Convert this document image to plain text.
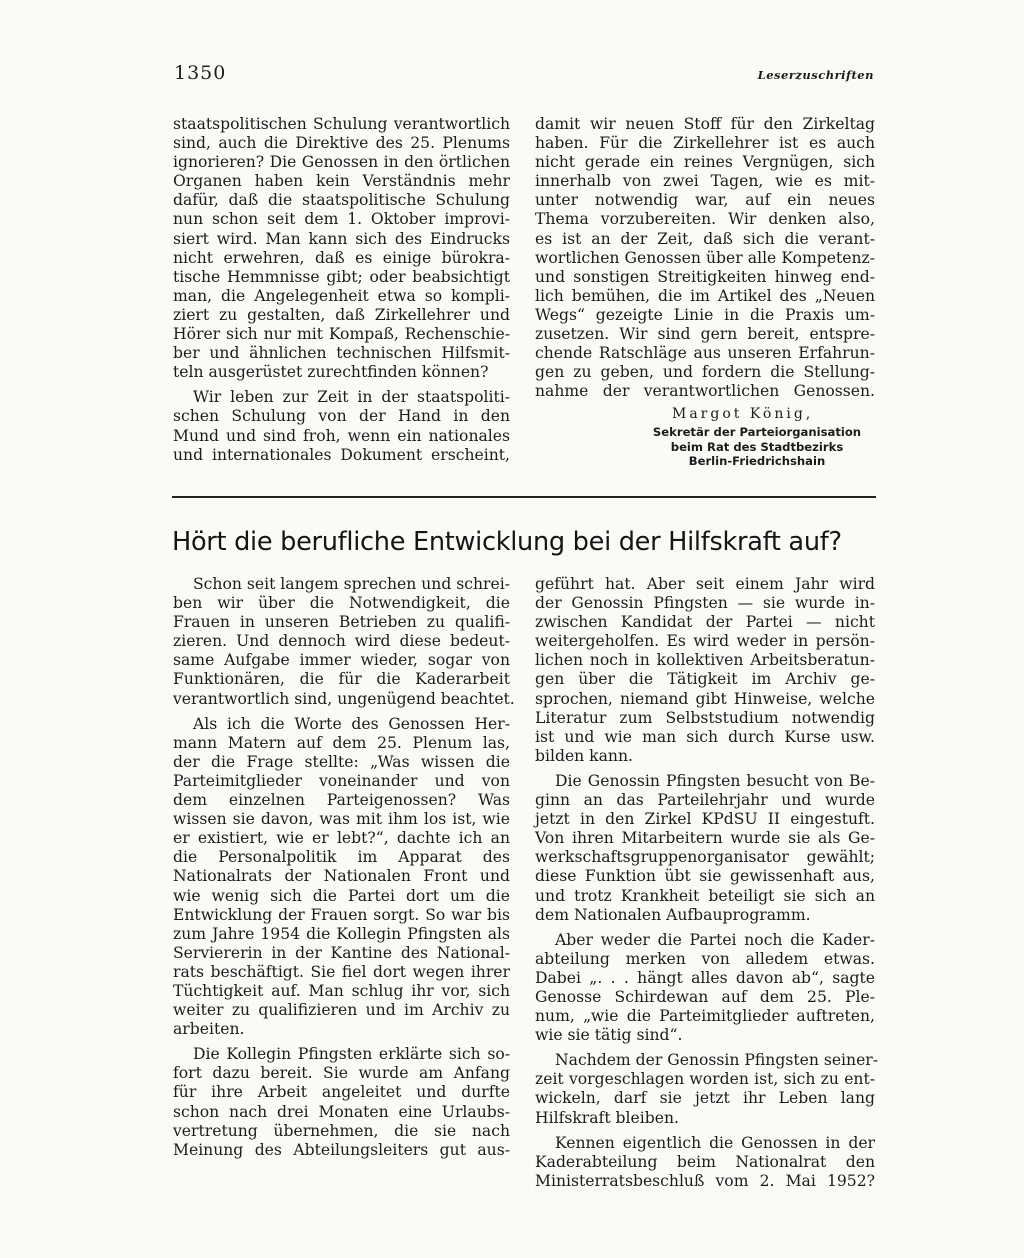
1350	Leserzuschriften
staatspolitischen Schulung verantwortlich
sind, auch die Direktive des 25. Plenums
ignorieren? Die Genossen in den örtlichen
Organen haben kein Verständnis mehr
dafür, daß die staatspolitische Schulung
nun schon seit dem 1. Oktober improvi-
siert wird. Man kann sich des Eindrucks
nicht erwehren, daß es einige bürokra-
tische Hemmnisse gibt; oder beabsichtigt
man, die Angelegenheit etwa so kompli-
ziert zu gestalten, daß Zirkellehrer und
Hörer sich nur mit Kompaß, Rechenschie-
ber und ähnlichen technischen Hilfsmit-
teln ausgerüstet zurechtfinden können?
Wir leben zur Zeit in der staatspoliti-
schen Schulung von der Hand in den
Mund und sind froh, wenn ein nationales
und internationales Dokument erscheint,
damit wir neuen Stoff für den Zirkeltag
haben. Für die Zirkellehrer ist es auch
nicht gerade ein reines Vergnügen, sich
innerhalb von zwei Tagen, wie es mit-
unter notwendig war, auf ein neues
Thema vorzubereiten. Wir denken also,
es ist an der Zeit, daß sich die verant-
wortlichen Genossen über alle Kompetenz-
und sonstigen Streitigkeiten hinweg end-
lich bemühen, die im Artikel des „Neuen
Wegs“ gezeigte Linie in die Praxis um-
zusetzen. Wir sind gern bereit, entspre-
chende Ratschläge aus unseren Erfahrun-
gen zu geben, und fordern die Stellung-
nahme der verantwortlichen Genossen.
Margot König,
Sekretär der Parteiorganisation
beim Rat des Stadtbezirks
Berlin-Friedrichshain
Hört die berufliche Entwicklung bei der Hilfskraft auf?
Schon seit langem sprechen und schrei-
ben wir über die Notwendigkeit, die
Frauen in unseren Betrieben zu qualifi-
zieren. Und dennoch wird diese bedeut-
same Aufgabe immer wieder, sogar von
Funktionären, die für die Kaderarbeit
verantwortlich sind, ungenügend beachtet.
Als ich die Worte des Genossen Her-
mann Matern auf dem 25. Plenum las,
der die Frage stellte: „Was wissen die
Parteimitglieder voneinander und von
dem einzelnen Parteigenossen? Was
wissen sie davon, was mit ihm los ist, wie
er existiert, wie er lebt?“, dachte ich an
die Personalpolitik im Apparat des
Nationalrats der Nationalen Front und
wie wenig sich die Partei dort um die
Entwicklung der Frauen sorgt. So war bis
zum Jahre 1954 die Kollegin Pfingsten als
Serviererin in der Kantine des National-
rats beschäftigt. Sie fiel dort wegen ihrer
Tüchtigkeit auf. Man schlug ihr vor, sich
weiter zu qualifizieren und im Archiv zu
arbeiten.
Die Kollegin Pfingsten erklärte sich so-
fort dazu bereit. Sie wurde am Anfang
für ihre Arbeit angeleitet und durfte
schon nach drei Monaten eine Urlaubs-
vertretung übernehmen, die sie nach
Meinung des Abteilungsleiters gut aus-
geführt hat. Aber seit einem Jahr wird
der Genossin Pfingsten — sie wurde in-
zwischen Kandidat der Partei — nicht
weitergeholfen. Es wird weder in persön-
lichen noch in kollektiven Arbeitsberatun-
gen über die Tätigkeit im Archiv ge-
sprochen, niemand gibt Hinweise, welche
Literatur zum Selbststudium notwendig
ist und wie man sich durch Kurse usw.
bilden kann.
Die Genossin Pfingsten besucht von Be-
ginn an das Parteilehrjahr und wurde
jetzt in den Zirkel KPdSU II eingestuft.
Von ihren Mitarbeitern wurde sie als Ge-
werkschaftsgruppenorganisator gewählt;
diese Funktion übt sie gewissenhaft aus,
und trotz Krankheit beteiligt sie sich an
dem Nationalen Aufbauprogramm.
Aber weder die Partei noch die Kader-
abteilung merken von alledem etwas.
Dabei „. . . hängt alles davon ab“, sagte
Genosse Schirdewan auf dem 25. Ple-
num, „wie die Parteimitglieder auftreten,
wie sie tätig sind“.
Nachdem der Genossin Pfingsten seiner-
zeit vorgeschlagen worden ist, sich zu ent-
wickeln, darf sie jetzt ihr Leben lang
Hilfskraft bleiben.
Kennen eigentlich die Genossen in der
Kaderabteilung beim Nationalrat den
Ministerratsbeschluß vom 2. Mai 1952?
